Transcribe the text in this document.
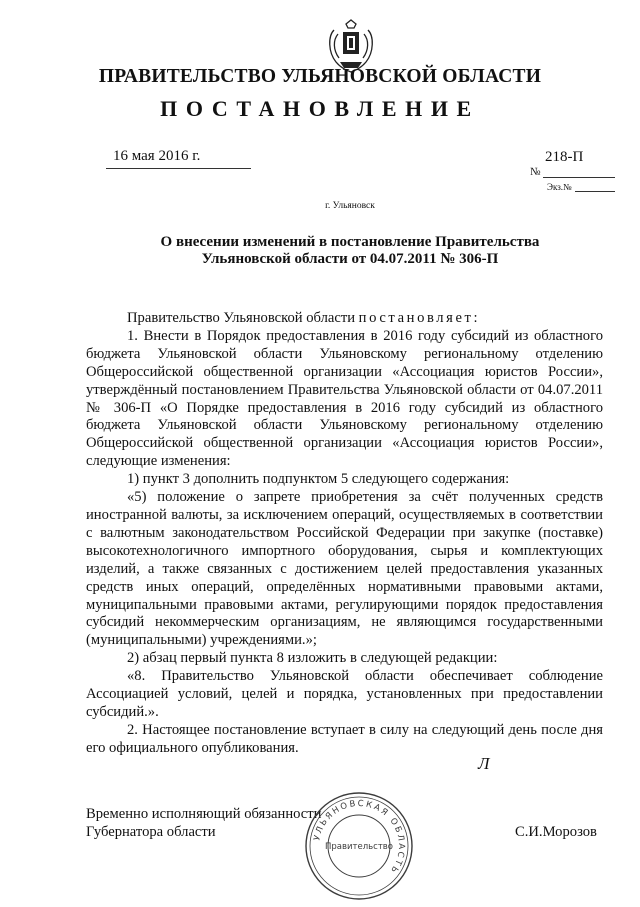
ПРАВИТЕЛЬСТВО УЛЬЯНОВСКОЙ ОБЛАСТИ
ПОСТАНОВЛЕНИЕ
16 мая 2016 г.	218-П
№
Экз.№
г. Ульяновск
О внесении изменений в постановление Правительства
Ульяновской области от 04.07.2011 № 306-П

Правительство Ульяновской области постановляет:

1. Внести в Порядок предоставления в 2016 году субсидий из областного бюджета Ульяновской области Ульяновскому региональному отделению Общероссийской общественной организации «Ассоциация юристов России», утверждённый постановлением Правительства Ульяновской области от 04.07.2011 № 306-П «О Порядке предоставления в 2016 году субсидий из областного бюджета Ульяновской области Ульяновскому региональному отделению Общероссийской общественной организации «Ассоциация юристов России», следующие изменения:

1) пункт 3 дополнить подпунктом 5 следующего содержания:

«5) положение о запрете приобретения за счёт полученных средств иностранной валюты, за исключением операций, осуществляемых в соответствии с валютным законодательством Российской Федерации при закупке (поставке) высокотехнологичного импортного оборудования, сырья и комплектующих изделий, а также связанных с достижением целей предоставления указанных средств иных операций, определённых нормативными правовыми актами, муниципальными правовыми актами, регулирующими порядок предоставления субсидий некоммерческим организациям, не являющимся государственными (муниципальными) учреждениями.»;

2) абзац первый пункта 8 изложить в следующей редакции:

«8. Правительство Ульяновской области обеспечивает соблюдение Ассоциацией условий, целей и порядка, установленных при предоставлении субсидий.».

2. Настоящее постановление вступает в силу на следующий день после дня его официального опубликования.

Л
Временно исполняющий обязанности
Губернатора области	С.И.Морозов
УЛЬЯНОВСКАЯ ОБЛАСТЬ
Правительство
